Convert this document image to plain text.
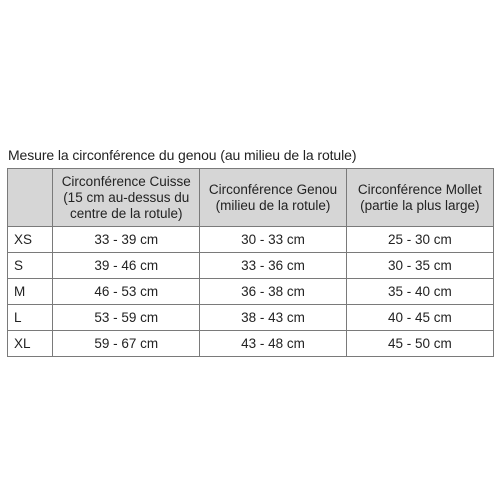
Mesure la circonférence du genou (au milieu de la rotule)

	Circonférence Cuisse
(15 cm au-dessus du
centre de la rotule)	Circonférence Genou
(milieu de la rotule)	Circonférence Mollet
(partie la plus large)

XS	33 - 39 cm	30 - 33 cm	25 - 30 cm
S	39 - 46 cm	33 - 36 cm	30 - 35 cm
M	46 - 53 cm	36 - 38 cm	35 - 40 cm
L	53 - 59 cm	38 - 43 cm	40 - 45 cm
XL	59 - 67 cm	43 - 48 cm	45 - 50 cm
